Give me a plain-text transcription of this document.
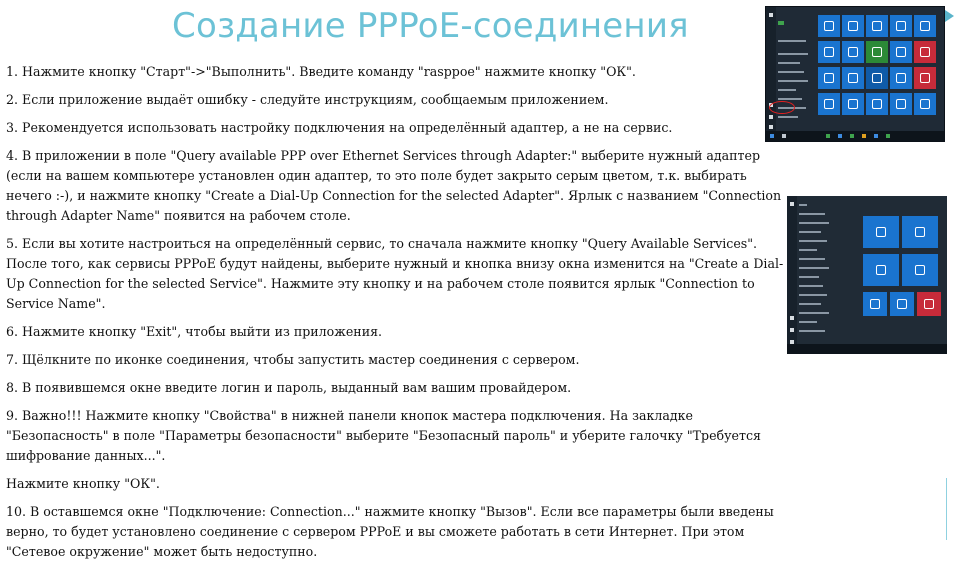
Создание PPPoE-соединения

1. Нажмите кнопку "Старт"->"Выполнить". Введите команду "rasppoe" нажмите кнопку "ОК".

2. Если приложение выдаёт ошибку - следуйте инструкциям, сообщаемым приложением.

3. Рекомендуется использовать настройку подключения на определённый адаптер, а не на сервис.

4. В приложении в поле "Query available PPP over Ethernet Services through Adapter:" выберите нужный адаптер (если на вашем компьютере установлен один адаптер, то это поле будет закрыто серым цветом, т.к. выбирать нечего :-), и нажмите кнопку "Create a Dial-Up Connection for the selected Adapter". Ярлык с названием "Connection through Adapter Name" появится на рабочем столе.

5. Если вы хотите настроиться на определённый сервис, то сначала нажмите кнопку "Query Available Services". После того, как сервисы PPPoE будут найдены, выберите нужный и кнопка внизу окна изменится на "Create a Dial-Up Connection for the selected Service". Нажмите эту кнопку и на рабочем столе появится ярлык "Connection to Service Name".

6. Нажмите кнопку "Exit", чтобы выйти из приложения.

7. Щёлкните по иконке соединения, чтобы запустить мастер соединения с сервером.

8. В появившемся окне введите логин и пароль, выданный вам вашим провайдером.

9. Важно!!! Нажмите кнопку "Свойства" в нижней панели кнопок мастера подключения. На закладке "Безопасность" в поле "Параметры безопасности" выберите "Безопасный пароль" и уберите галочку "Требуется шифрование данных...".

Нажмите кнопку "ОК".

10. В оставшемся окне "Подключение: Connection..." нажмите кнопку "Вызов". Если все параметры были введены верно, то будет установлено соединение с сервером PPPoE и вы сможете работать в сети Интернет. При этом "Сетевое окружение" может быть недоступно.
